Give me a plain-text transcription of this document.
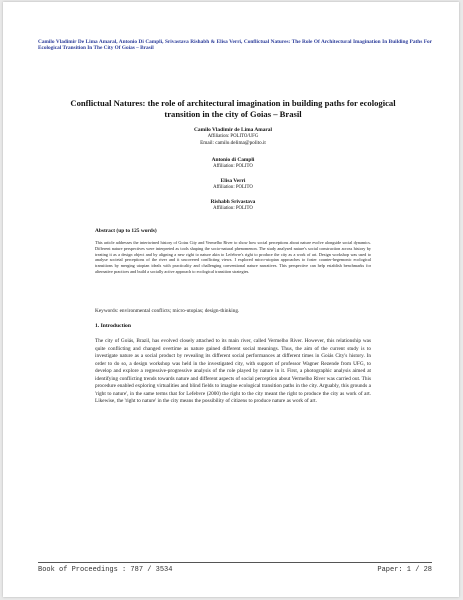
Camilo Vladimir De Lima Amaral, Antonio Di Campli, Srivastava Rishabh & Elisa Verri, Conflictual Natures: The Role Of Architectural Imagination In Building Paths For Ecological Transition In The City Of Goias – Brasil
Conflictual Natures: the role of architectural imagination in building paths for ecological transition in the city of Goias – Brasil
Camilo Vladimir de Lima Amaral
Affiliation: POLITO/UFG
Email: camilo.delima@polito.it
Antonio di Campli
Affiliation: POLITO
Elisa Verri
Affiliation: POLITO
Rishabh Srivastava
Affiliation: POLITO
Abstract (up to 125 words)
This article addresses the intertwined history of Goias City and Vermelho River to show how social perceptions about nature evolve alongside social dynamics. Different nature perspectives were interpreted as tools shaping the socio-natural phenomenon. The study analysed nature's social construction across history by treating it as a design object and by aligning a new right to nature akin to Lefebvre's right to produce the city as a work of art. Design workshop was used to analyse societal perceptions of the river and it uncovered conflicting views. I explored micro-utopian approaches to foster counter-hegemonic ecological transitions by merging utopian ideals with practicality and challenging conventional nature narratives. This perspective can help establish benchmarks for alternative practices and build a socially active approach to ecological transition strategies.
Keywords: environmental conflicts; micro-utopias; design-thinking.
1. Introduction
The city of Goiás, Brazil, has evolved closely attached to its main river, called Vermelho River. However, this relationship was quite conflicting and changed overtime as nature gained different social meanings. Thus, the aim of the current study is to investigate nature as a social product by revealing its different social performances at different times in Goiás City's history. In order to do so, a design workshop was held in the investigated city, with support of professor Wagner Rezende from UFG, to develop and explore a regressive-progressive analysis of the role played by nature in it. First, a photographic analysis aimed at identifying conflicting trends towards nature and different aspects of social perception about Vermelho River was carried out. This procedure enabled exploring virtualities and blind fields to imagine ecological transition paths in the city. Arguably, this grounds a 'right to nature', in the same terms that for Lefebvre (2000) the right to the city meant the right to produce the city as work of art. Likewise, the 'right to nature' in the city means the possibility of citizens to produce nature as work of art.
Book of Proceedings : 787 / 3534	Paper: 1 / 28
